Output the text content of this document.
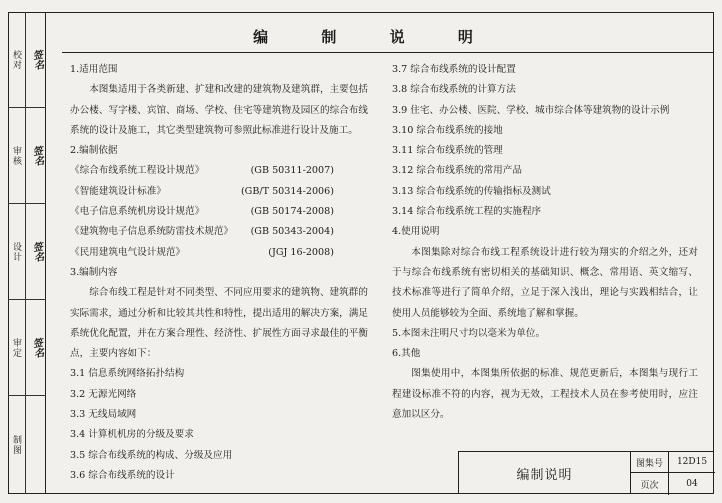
校对 签名
审核 签名
设计 签名
审定 签名
制图
编 制 说 明

1.适用范围

本图集适用于各类新建、扩建和改建的建筑物及建筑群，主要包括办公楼、写字楼、宾馆、商场、学校、住宅等建筑物及园区的综合布线系统的设计及施工，其它类型建筑物可参照此标准进行设计及施工。

2.编制依据

《综合布线系统工程设计规范》	(GB 50311-2007)
《智能建筑设计标准》	(GB/T 50314-2006)
《电子信息系统机房设计规范》	(GB 50174-2008)
《建筑物电子信息系统防雷技术规范》 (GB 50343-2004)
《民用建筑电气设计规范》	(JGJ 16-2008)

3.编制内容

综合布线工程是针对不同类型、不同应用要求的建筑物、建筑群的实际需求，通过分析和比较其共性和特性，提出适用的解决方案，满足系统优化配置，并在方案合理性、经济性、扩展性方面寻求最佳的平衡点，主要内容如下：

3.1 信息系统网络拓扑结构

3.2 无源光网络

3.3 无线局域网

3.4 计算机机房的分级及要求

3.5 综合布线系统的构成、分级及应用

3.6 综合布线系统的设计

3.7 综合布线系统的设计配置

3.8 综合布线系统的计算方法

3.9 住宅、办公楼、医院、学校、城市综合体等建筑物的设计示例

3.10 综合布线系统的接地

3.11 综合布线系统的管理

3.12 综合布线系统的常用产品

3.13 综合布线系统的传输指标及测试

3.14 综合布线系统工程的实施程序

4.使用说明

本图集除对综合布线工程系统设计进行较为翔实的介绍之外，还对于与综合布线系统有密切相关的基础知识、概念、常用语、英文缩写、技术标准等进行了简单介绍，立足于深入浅出，理论与实践相结合，让使用人员能够较为全面、系统地了解和掌握。

5.本图未注明尺寸均以毫米为单位。

6.其他

图集使用中，本图集所依据的标准、规范更新后，本图集与现行工程建设标准不符的内容，视为无效，工程技术人员在参考使用时，应注意加以区分。

编制说明
图集号	12D15
页次	04
